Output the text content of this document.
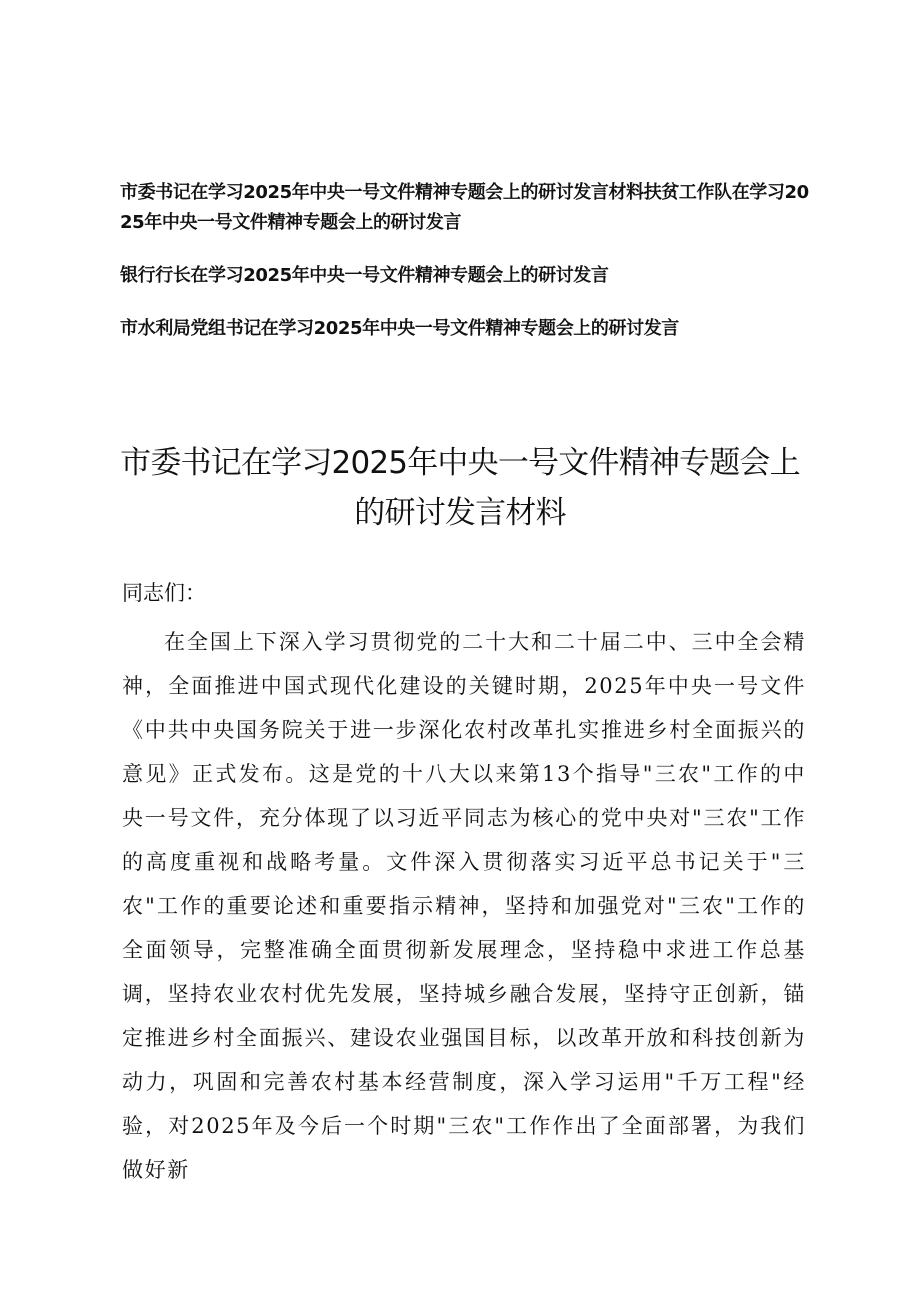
市委书记在学习2025年中央一号文件精神专题会上的研讨发言材料扶贫工作队在学习2025年中央一号文件精神专题会上的研讨发言
银行行长在学习2025年中央一号文件精神专题会上的研讨发言
市水利局党组书记在学习2025年中央一号文件精神专题会上的研讨发言
市委书记在学习2025年中央一号文件精神专题会上的研讨发言材料
同志们：

在全国上下深入学习贯彻党的二十大和二十届二中、三中全会精神，全面推进中国式现代化建设的关键时期，2025年中央一号文件《中共中央国务院关于进一步深化农村改革扎实推进乡村全面振兴的意见》正式发布。这是党的十八大以来第13个指导"三农"工作的中央一号文件，充分体现了以习近平同志为核心的党中央对"三农"工作的高度重视和战略考量。文件深入贯彻落实习近平总书记关于"三农"工作的重要论述和重要指示精神，坚持和加强党对"三农"工作的全面领导，完整准确全面贯彻新发展理念，坚持稳中求进工作总基调，坚持农业农村优先发展，坚持城乡融合发展，坚持守正创新，锚定推进乡村全面振兴、建设农业强国目标，以改革开放和科技创新为动力，巩固和完善农村基本经营制度，深入学习运用"千万工程"经验，对2025年及今后一个时期"三农"工作作出了全面部署，为我们做好新
